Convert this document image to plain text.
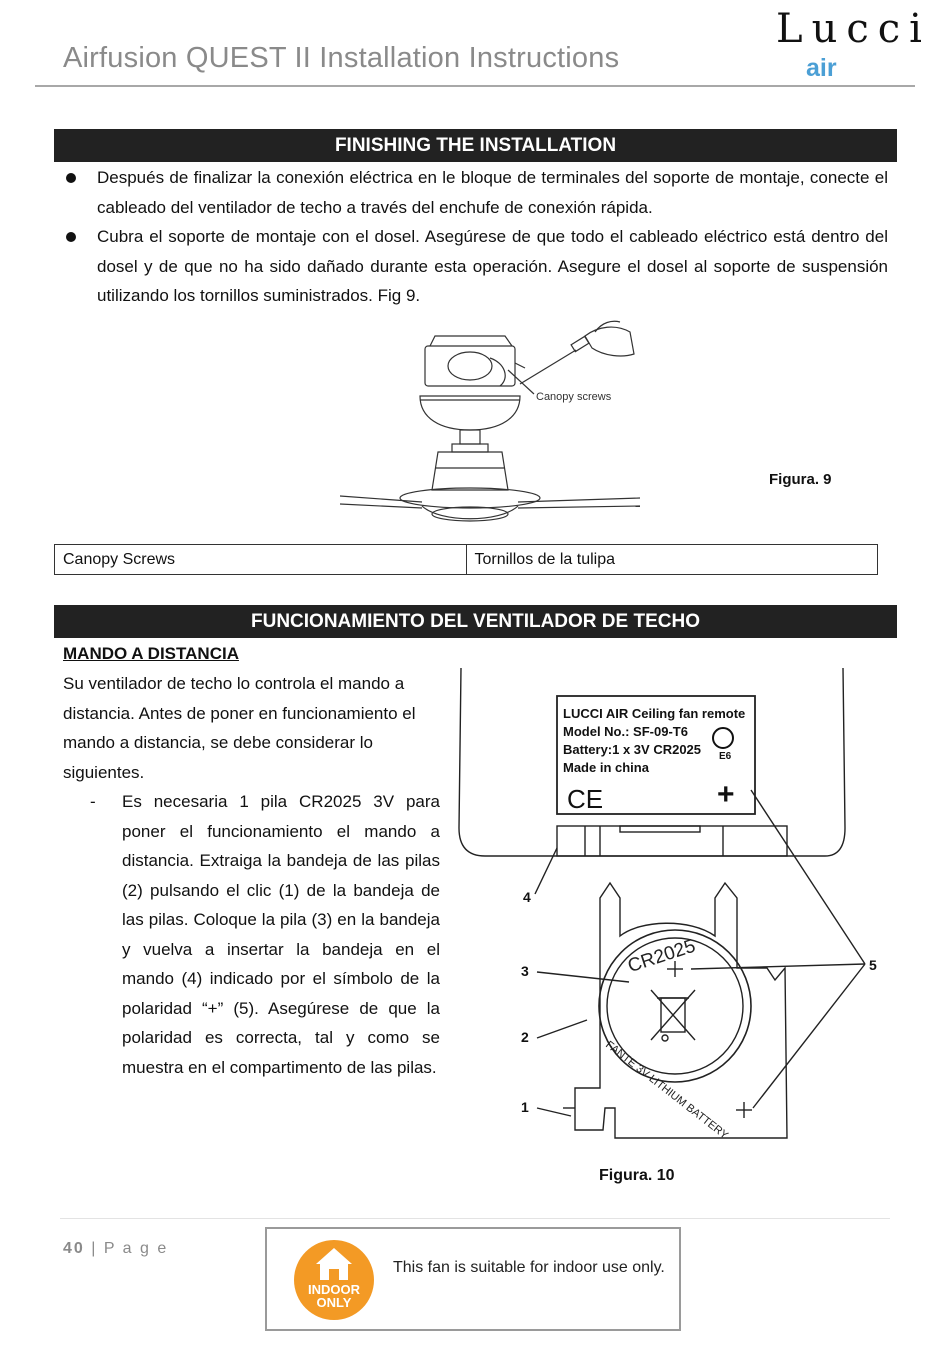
Airfusion QUEST II Installation Instructions
Lucci
air
FINISHING THE INSTALLATION
Después de finalizar la conexión eléctrica en le bloque de terminales del soporte de montaje, conecte el cableado del ventilador de techo a través del enchufe de conexión rápida.
Cubra el soporte de montaje con el dosel. Asegúrese de que todo el cableado eléctrico está dentro del dosel y de que no ha sido dañado durante esta operación. Asegure el dosel al soporte de suspensión utilizando los tornillos suministrados. Fig 9.
Canopy screws
Figura. 9
Canopy Screws	Tornillos de la tulipa
FUNCIONAMIENTO DEL VENTILADOR DE TECHO
MANDO A DISTANCIA
Su ventilador de techo lo controla el mando a distancia. Antes de poner en funcionamiento el mando a distancia, se debe considerar lo siguientes.
- Es necesaria 1 pila CR2025 3V para poner el funcionamiento el mando a distancia. Extraiga la bandeja de las pilas (2) pulsando el clic (1) de la bandeja de las pilas. Coloque la pila (3) en la bandeja y vuelva a insertar la bandeja en el mando (4) indicado por el símbolo de la polaridad “+” (5). Asegúrese de que la polaridad es correcta, tal y como se muestra en el compartimento de las pilas.
LUCCI AIR Ceiling fan remote
Model No.: SF-09-T6
Battery:1 x 3V CR2025
Made in china
E6
CE	+
CR2025
FANTE 3V LITHIUM BATTERY
1
2
3
4
5
Figura. 10
40 | P a g e
INDOOR
ONLY
This fan is suitable for indoor use only.
